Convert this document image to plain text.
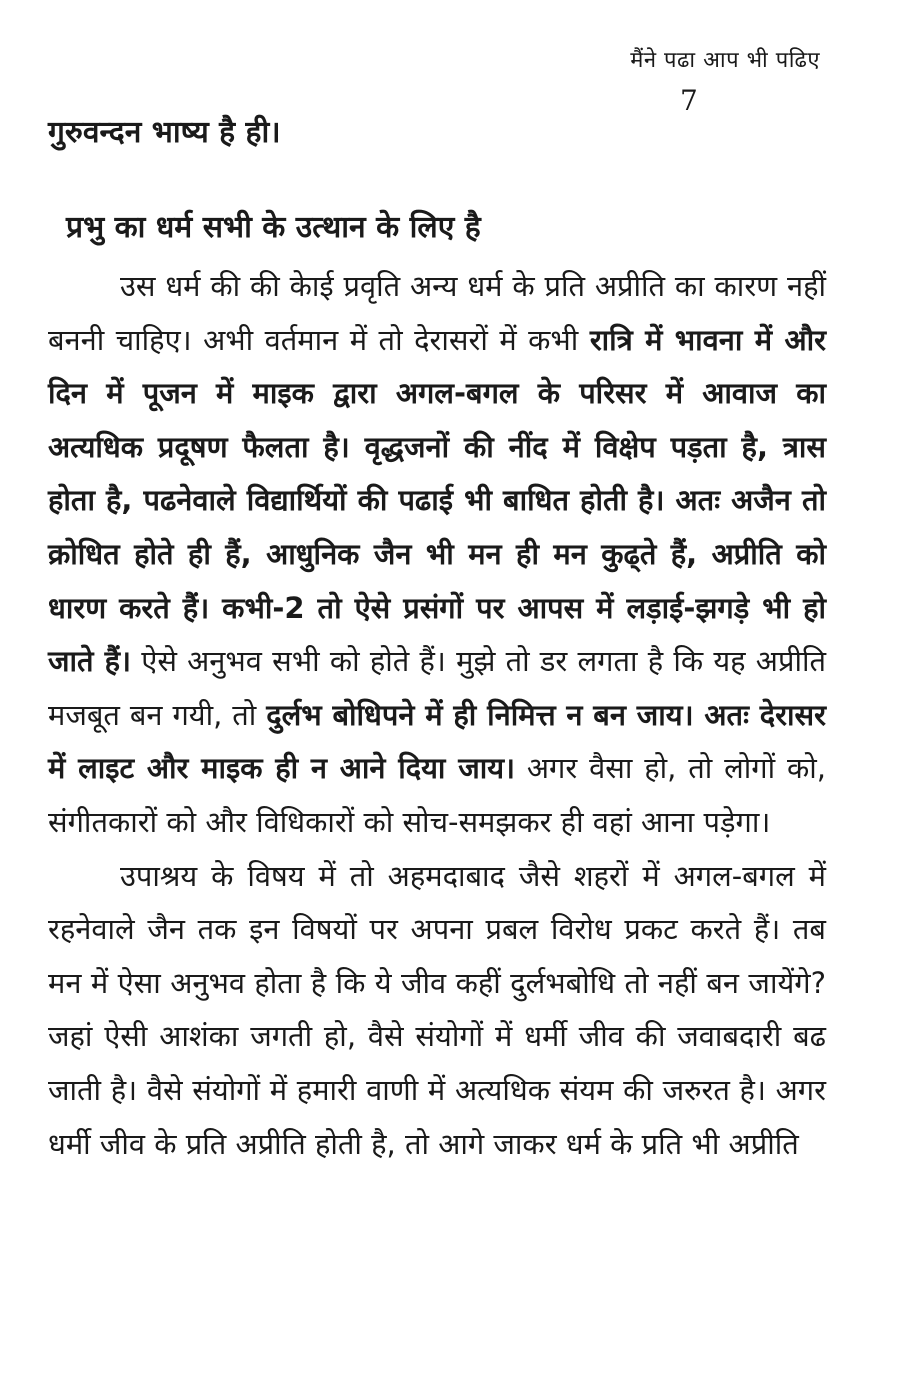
मैंने पढा आप भी पढिए
7
गुरुवन्दन भाष्य है ही।
प्रभु का धर्म सभी के उत्थान के लिए है

उस धर्म की की केाई प्रवृति अन्य धर्म के प्रति अप्रीति का कारण नहीं बननी चाहिए। अभी वर्तमान में तो देरासरों में कभी रात्रि में भावना में और दिन में पूजन में माइक द्वारा अगल-बगल के परिसर में आवाज का अत्यधिक प्रदूषण फैलता है। वृद्धजनों की नींद में विक्षेप पड़ता है, त्रास होता है, पढनेवाले विद्यार्थियों की पढाई भी बाधित होती है। अतः अजैन तो क्रोधित होते ही हैं, आधुनिक जैन भी मन ही मन कुढ्ते हैं, अप्रीति को धारण करते हैं। कभी-2 तो ऐसे प्रसंगों पर आपस में लड़ाई-झगड़े भी हो जाते हैं। ऐसे अनुभव सभी को होते हैं। मुझे तो डर लगता है कि यह अप्रीति मजबूत बन गयी, तो दुर्लभ बोधिपने में ही निमित्त न बन जाय। अतः देरासर में लाइट और माइक ही न आने दिया जाय। अगर वैसा हो, तो लोगों को, संगीतकारों को और विधिकारों को सोच-समझकर ही वहां आना पड़ेगा।

उपाश्रय के विषय में तो अहमदाबाद जैसे शहरों में अगल-बगल में रहनेवाले जैन तक इन विषयों पर अपना प्रबल विरोध प्रकट करते हैं। तब मन में ऐसा अनुभव होता है कि ये जीव कहीं दुर्लभबोधि तो नहीं बन जायेंगे? जहां ऐसी आशंका जगती हो, वैसे संयोगों में धर्मी जीव की जवाबदारी बढ जाती है। वैसे संयोगों में हमारी वाणी में अत्यधिक संयम की जरुरत है। अगर धर्मी जीव के प्रति अप्रीति होती है, तो आगे जाकर धर्म के प्रति भी अप्रीति
